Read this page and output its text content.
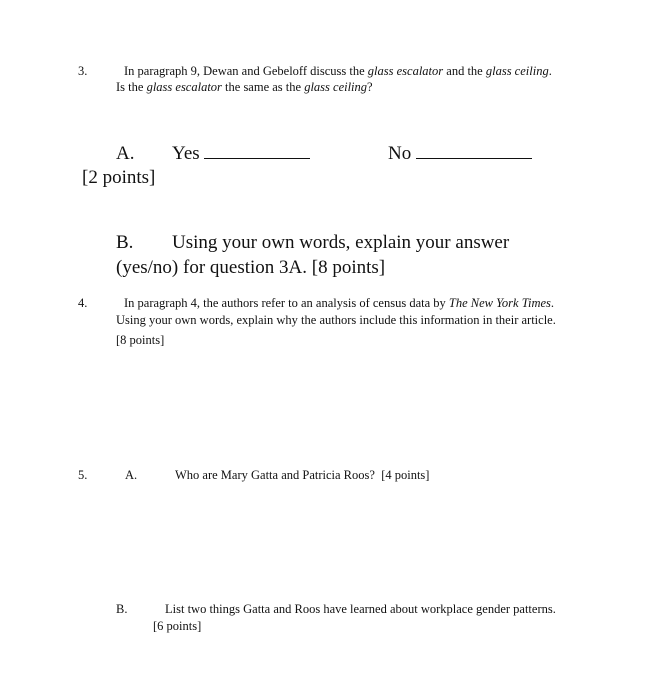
3.	In paragraph 9, Dewan and Gebeloff discuss the glass escalator and the glass ceiling.
Is the glass escalator the same as the glass ceiling?
A. Yes	No
[2 points]
B. Using your own words, explain your answer
(yes/no) for question 3A. [8 points]
4.	In paragraph 4, the authors refer to an analysis of census data by The New York Times.
Using your own words, explain why the authors include this information in their article.
[8 points]
5.	A.	Who are Mary Gatta and Patricia Roos? [4 points]
B.	List two things Gatta and Roos have learned about workplace gender patterns.
[6 points]
